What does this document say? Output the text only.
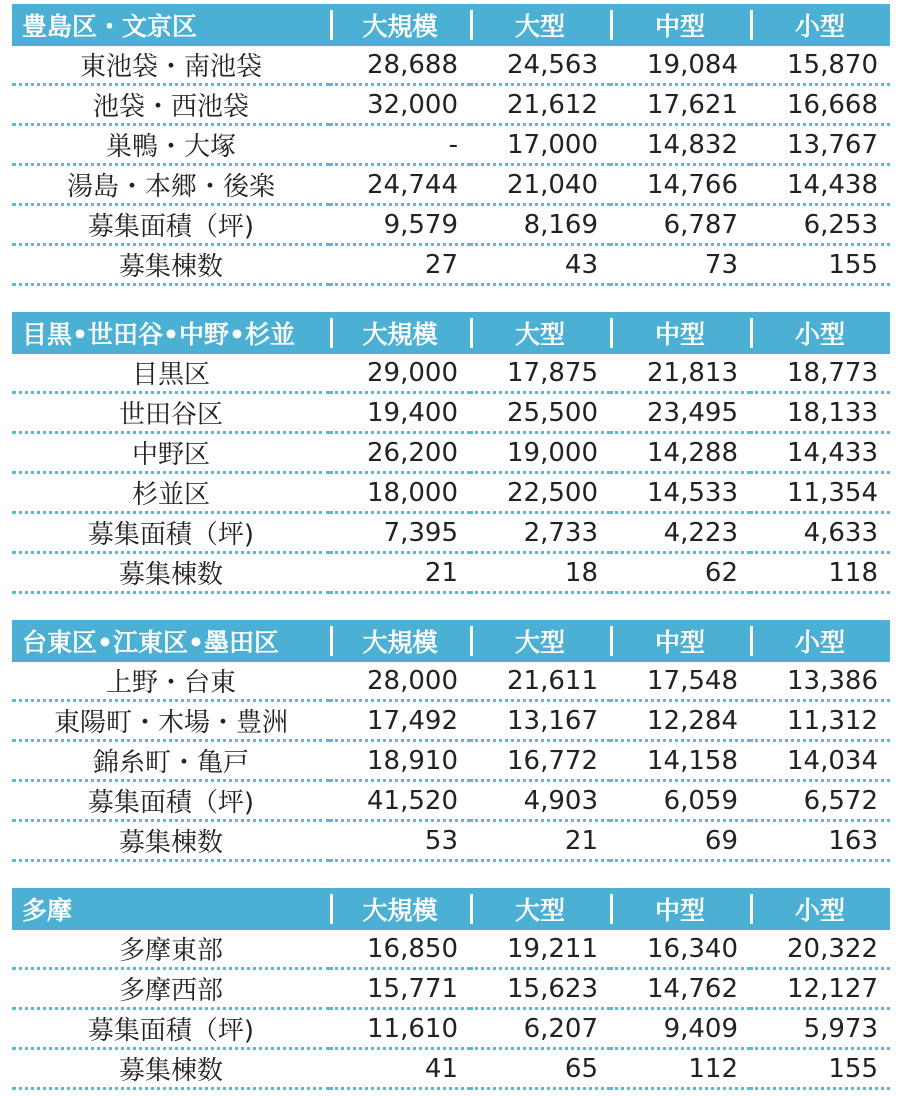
豊島区・文京区	大規模	大型	中型	小型

東池袋・南池袋	28,688	24,563	19,084	15,870
池袋・西池袋	32,000	21,612	17,621	16,668
巣鴨・大塚	-	17,000	14,832	13,767
湯島・本郷・後楽	24,744	21,040	14,766	14,438
募集面積（坪)	9,579	8,169	6,787	6,253
募集棟数	27	43	73	155
目黒•世田谷•中野•杉並	大規模	大型	中型	小型

目黒区	29,000	17,875	21,813	18,773
世田谷区	19,400	25,500	23,495	18,133
中野区	26,200	19,000	14,288	14,433
杉並区	18,000	22,500	14,533	11,354
募集面積（坪)	7,395	2,733	4,223	4,633
募集棟数	21	18	62	118
台東区•江東区•墨田区	大規模	大型	中型	小型

上野・台東	28,000	21,611	17,548	13,386
東陽町・木場・豊洲	17,492	13,167	12,284	11,312
錦糸町・亀戸	18,910	16,772	14,158	14,034
募集面積（坪)	41,520	4,903	6,059	6,572
募集棟数	53	21	69	163
多摩	大規模	大型	中型	小型

多摩東部	16,850	19,211	16,340	20,322
多摩西部	15,771	15,623	14,762	12,127
募集面積（坪)	11,610	6,207	9,409	5,973
募集棟数	41	65	112	155
